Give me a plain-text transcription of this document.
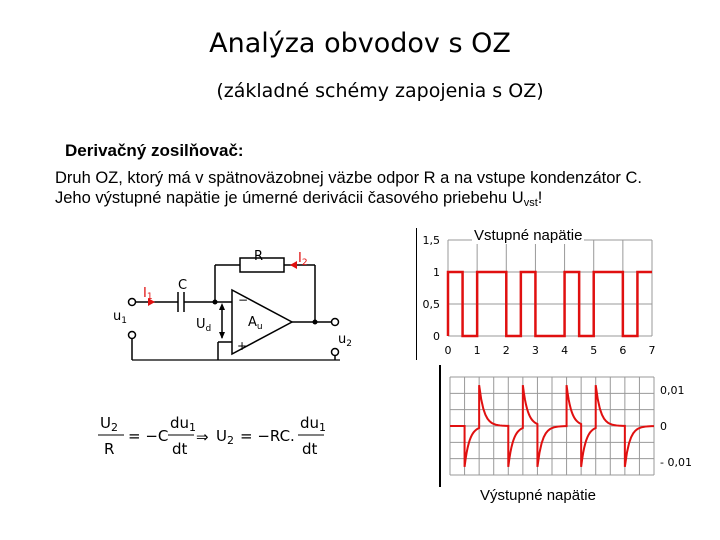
Analýza obvodov s OZ
(základné schémy zapojenia s OZ)
Derivačný zosilňovač:
Druh OZ, ktorý má v spätnoväzobnej väzbe odpor R a na vstupe kondenzátor C.
Jeho výstupné napätie je úmerné derivácii časového priebehu $U_{vst}$!
R
C
I1
$I_2$
$u_1$
$u_2$
$U_d$	$A_u$
−
+
$U_2$
R
= −C
$du_1$
dt
⇒ $U_2 = -RC$.
$du_1$
dt
0 1 2 3 4 5 6 7
0
0,5
1
1,5 Vstupné napätie
0,01
0
- 0,01
Výstupné napätie
